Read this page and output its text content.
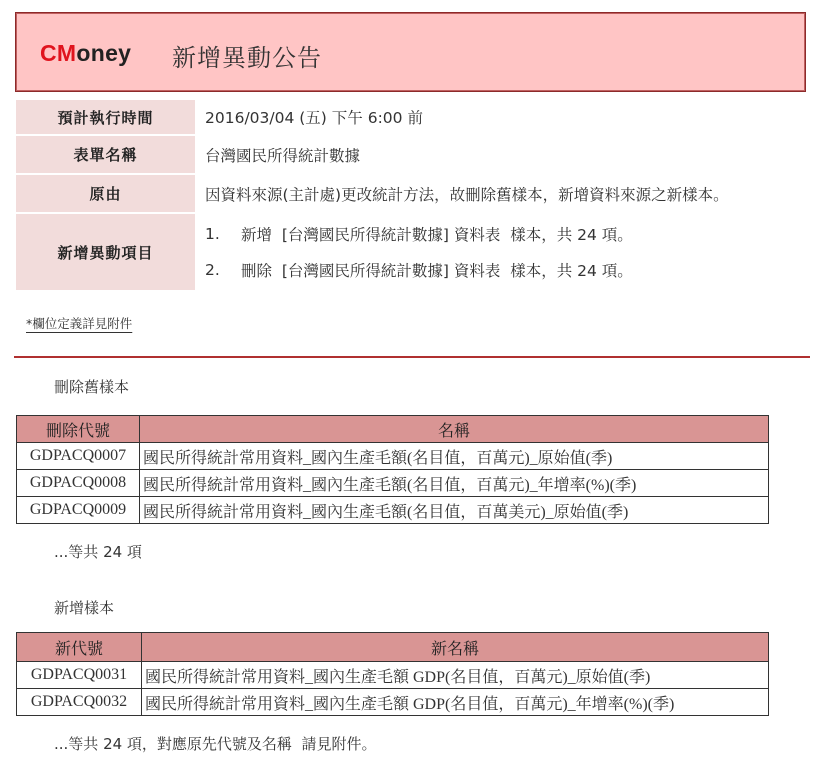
CMoney 新增異動公告
預計執行時間	2016/03/04 (五) 下午 6:00 前
表單名稱	台灣國民所得統計數據
原由	因資料來源(主計處)更改統計方法，故刪除舊樣本，新增資料來源之新樣本。
新增異動項目
1.	新增  [台灣國民所得統計數據] 資料表  樣本，共 24 項。
2.	刪除  [台灣國民所得統計數據] 資料表  樣本，共 24 項。
*欄位定義詳見附件
刪除舊樣本
刪除代號	名稱
GDPACQ0007	國民所得統計常用資料_國內生產毛額(名目值，百萬元)_原始值(季)
GDPACQ0008	國民所得統計常用資料_國內生產毛額(名目值，百萬元)_年增率(%)(季)
GDPACQ0009	國民所得統計常用資料_國內生產毛額(名目值，百萬美元)_原始值(季)
...等共 24 項
新增樣本
新代號	新名稱
GDPACQ0031	國民所得統計常用資料_國內生產毛額 GDP(名目值，百萬元)_原始值(季)
GDPACQ0032	國民所得統計常用資料_國內生產毛額 GDP(名目值，百萬元)_年增率(%)(季)
...等共 24 項，對應原先代號及名稱  請見附件。
